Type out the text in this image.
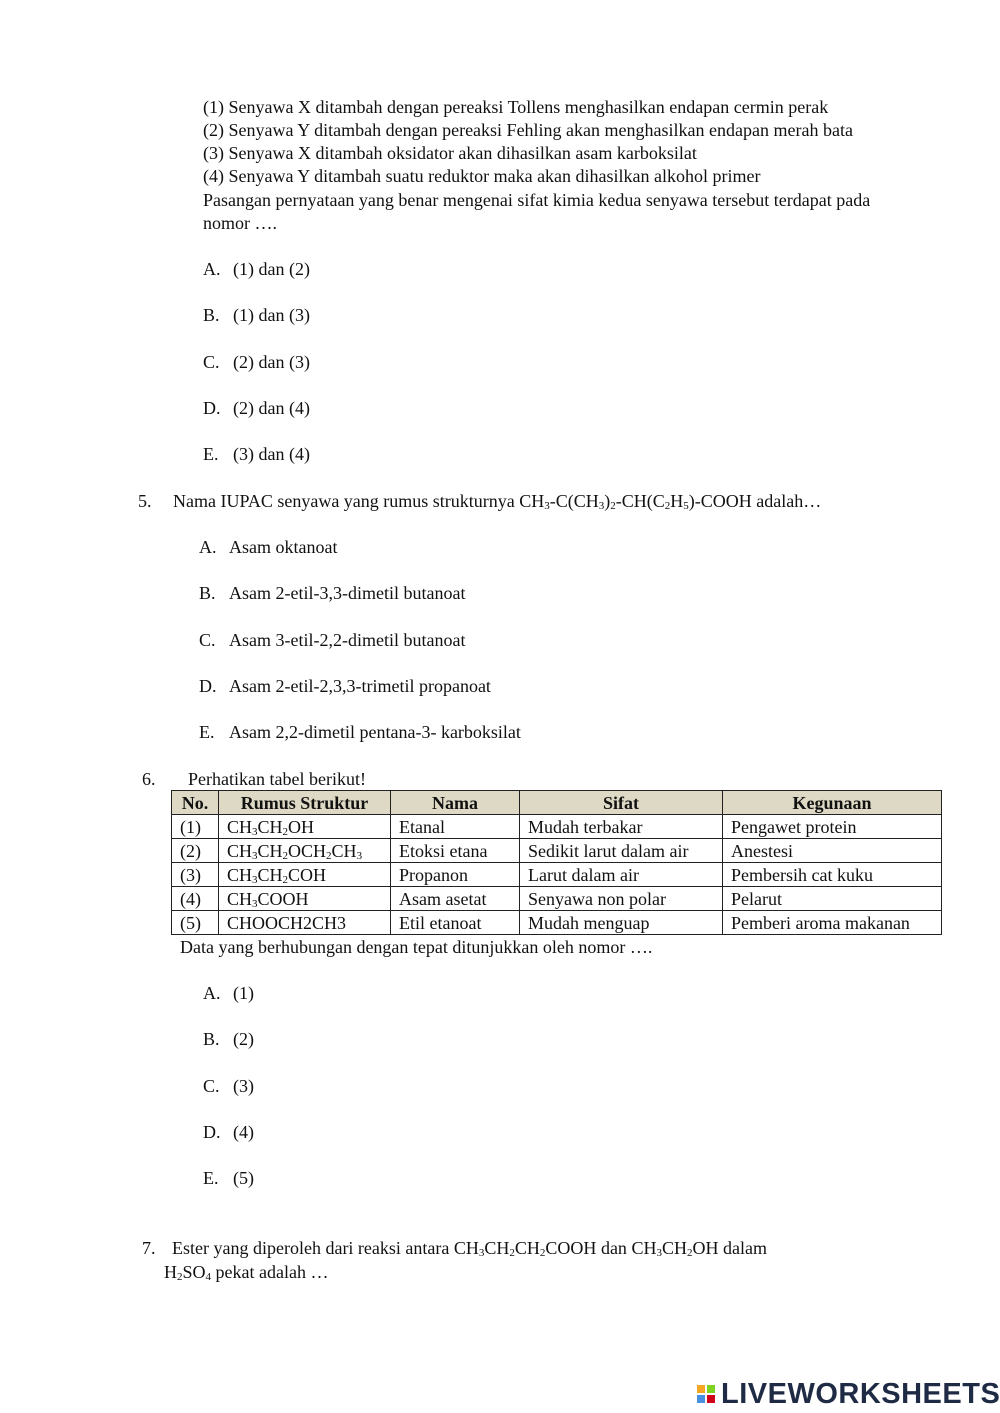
(1) Senyawa X ditambah dengan pereaksi Tollens menghasilkan endapan cermin perak
(2) Senyawa Y ditambah dengan pereaksi Fehling akan menghasilkan endapan merah bata
(3) Senyawa X ditambah oksidator akan dihasilkan asam karboksilat
(4) Senyawa Y ditambah suatu reduktor maka akan dihasilkan alkohol primer
Pasangan pernyataan yang benar mengenai sifat kimia kedua senyawa tersebut terdapat pada
nomor ….
A. (1) dan (2)
B. (1) dan (3)
C. (2) dan (3)
D. (2) dan (4)
E. (3) dan (4)
5. Nama IUPAC senyawa yang rumus strukturnya $CH_3-C(CH_3)_2-CH(C_2H_5)$-COOH adalah…
A. Asam oktanoat
B. Asam 2-etil-3,3-dimetil butanoat
C. Asam 3-etil-2,2-dimetil butanoat
D. Asam 2-etil-2,3,3-trimetil propanoat
E. Asam 2,2-dimetil pentana-3- karboksilat
6. Perhatikan tabel berikut!
No.	Rumus Struktur	Nama	Sifat	Kegunaan
(1)	$CH_3CH_2OH$	Etanal	Mudah terbakar	Pengawet protein
(2)	$CH_3CH_2OCH_2CH_3$	Etoksi etana	Sedikit larut dalam air	Anestesi
(3)	$CH_3CH_2COH$	Propanon	Larut dalam air	Pembersih cat kuku
(4)	$CH_3COOH$	Asam asetat	Senyawa non polar	Pelarut
(5)	CHOOCH2CH3	Etil etanoat	Mudah menguap	Pemberi aroma makanan
Data yang berhubungan dengan tepat ditunjukkan oleh nomor ….
A. (1)
B. (2)
C. (3)
D. (4)
E. (5)
7. Ester yang diperoleh dari reaksi antara $CH_3CH_2CH_2COOH$ dan $CH_3CH_2OH$ dalam
$H_2SO_4$ pekat adalah …
LIVEWORKSHEETS
